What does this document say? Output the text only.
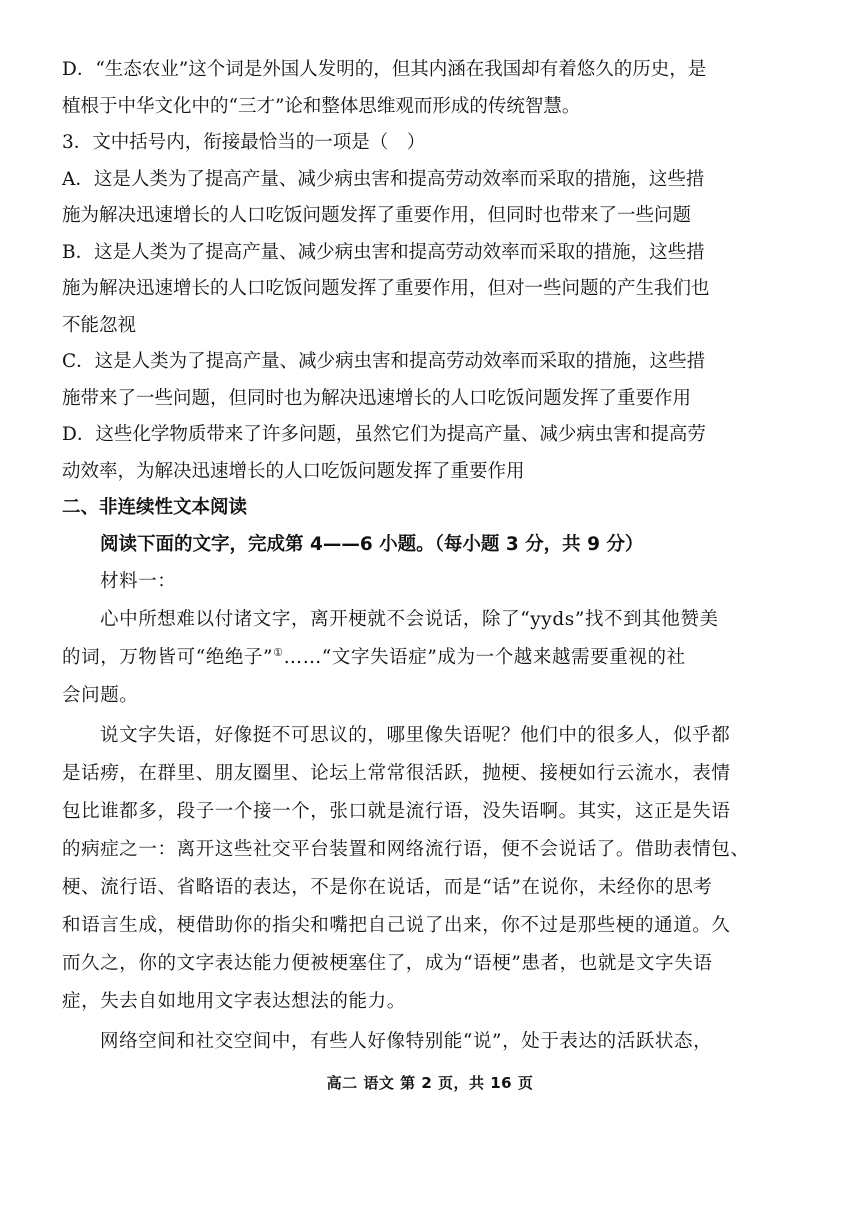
D．“生态农业”这个词是外国人发明的，但其内涵在我国却有着悠久的历史，是
植根于中华文化中的“三才”论和整体思维观而形成的传统智慧。
3．文中括号内，衔接最恰当的一项是（　）
A．这是人类为了提高产量、减少病虫害和提高劳动效率而采取的措施，这些措
施为解决迅速增长的人口吃饭问题发挥了重要作用，但同时也带来了一些问题
B．这是人类为了提高产量、减少病虫害和提高劳动效率而采取的措施，这些措
施为解决迅速增长的人口吃饭问题发挥了重要作用，但对一些问题的产生我们也
不能忽视
C．这是人类为了提高产量、减少病虫害和提高劳动效率而采取的措施，这些措
施带来了一些问题，但同时也为解决迅速增长的人口吃饭问题发挥了重要作用
D．这些化学物质带来了许多问题，虽然它们为提高产量、减少病虫害和提高劳
动效率，为解决迅速增长的人口吃饭问题发挥了重要作用
二、非连续性文本阅读
阅读下面的文字，完成第 4——6 小题。（每小题 3 分，共 9 分）
材料一：
心中所想难以付诸文字，离开梗就不会说话，除了“yyds”找不到其他赞美
的词，万物皆可“绝绝子”①……“文字失语症”成为一个越来越需要重视的社
会问题。
说文字失语，好像挺不可思议的，哪里像失语呢？他们中的很多人，似乎都
是话痨，在群里、朋友圈里、论坛上常常很活跃，抛梗、接梗如行云流水，表情
包比谁都多，段子一个接一个，张口就是流行语，没失语啊。其实，这正是失语
的病症之一：离开这些社交平台装置和网络流行语，便不会说话了。借助表情包、
梗、流行语、省略语的表达，不是你在说话，而是“话”在说你，未经你的思考
和语言生成，梗借助你的指尖和嘴把自己说了出来，你不过是那些梗的通道。久
而久之，你的文字表达能力便被梗塞住了，成为“语梗”患者，也就是文字失语
症，失去自如地用文字表达想法的能力。
网络空间和社交空间中，有些人好像特别能“说”，处于表达的活跃状态，
高二 语文 第 2 页，共 16 页
